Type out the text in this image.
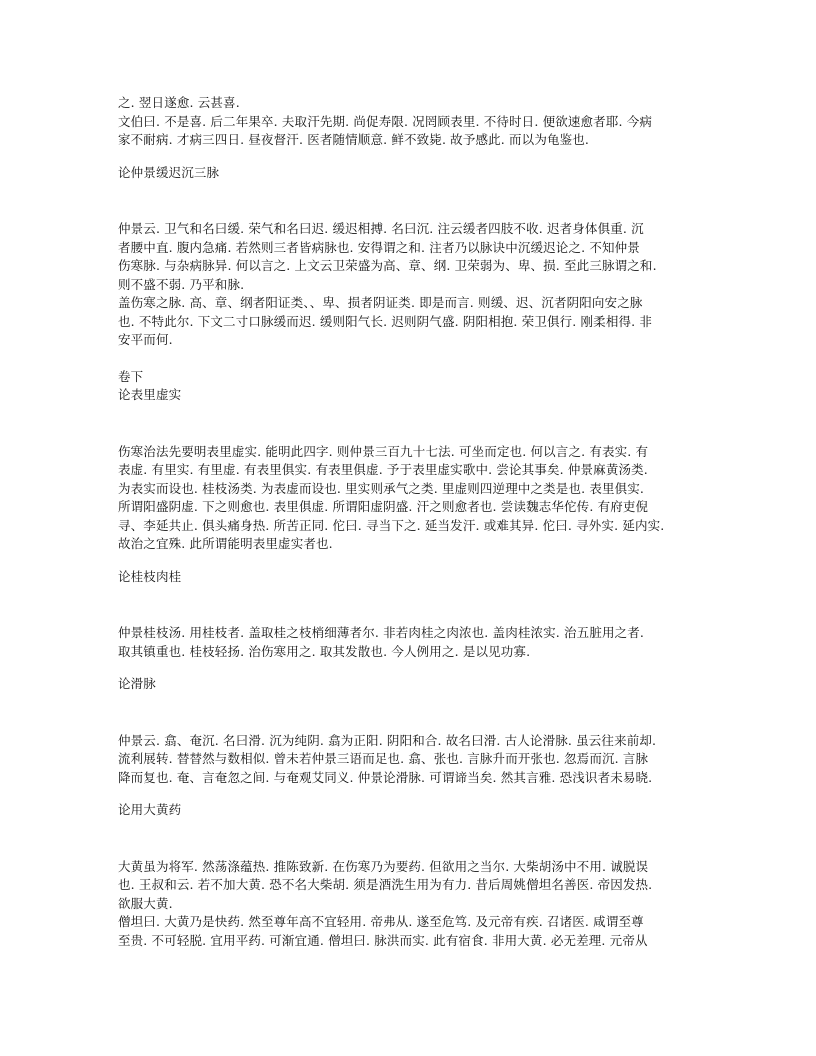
之. 翌日遂愈. 云甚喜.

文伯曰. 不是喜. 后二年果卒. 夫取汗先期. 尚促寿限. 况罔顾表里. 不待时日. 便欲速愈者耶. 今病

家不耐病. 才病三四日. 昼夜督汗. 医者随情顺意. 鲜不致毙. 故予感此. 而以为龟鉴也.

论仲景缓迟沉三脉

仲景云. 卫气和名曰缓. 荣气和名曰迟. 缓迟相搏. 名曰沉. 注云缓者四肢不收. 迟者身体俱重. 沉

者腰中直. 腹内急痛. 若然则三者皆病脉也. 安得谓之和. 注者乃以脉诀中沉缓迟论之. 不知仲景

伤寒脉. 与杂病脉异. 何以言之. 上文云卫荣盛为高、章、纲. 卫荣弱为、卑、损. 至此三脉谓之和.

则不盛不弱. 乃平和脉.

盖伤寒之脉. 高、章、纲者阳证类、、卑、损者阴证类. 即是而言. 则缓、迟、沉者阴阳向安之脉

也. 不特此尔. 下文二寸口脉缓而迟. 缓则阳气长. 迟则阴气盛. 阴阳相抱. 荣卫俱行. 刚柔相得. 非

安平而何.

卷下

论表里虚实

伤寒治法先要明表里虚实. 能明此四字. 则仲景三百九十七法. 可坐而定也. 何以言之. 有表实. 有

表虚. 有里实. 有里虚. 有表里俱实. 有表里俱虚. 予于表里虚实歌中. 尝论其事矣. 仲景麻黄汤类.

为表实而设也. 桂枝汤类. 为表虚而设也. 里实则承气之类. 里虚则四逆理中之类是也. 表里俱实.

所谓阳盛阴虚. 下之则愈也. 表里俱虚. 所谓阳虚阴盛. 汗之则愈者也. 尝读魏志华佗传. 有府吏倪

寻、李延共止. 俱头痛身热. 所苦正同. 佗曰. 寻当下之. 延当发汗. 或难其异. 佗曰. 寻外实. 延内实.

故治之宜殊. 此所谓能明表里虚实者也.

论桂枝肉桂

仲景桂枝汤. 用桂枝者. 盖取桂之枝梢细薄者尔. 非若肉桂之肉浓也. 盖肉桂浓实. 治五脏用之者.

取其镇重也. 桂枝轻扬. 治伤寒用之. 取其发散也. 今人例用之. 是以见功寡.

论滑脉

仲景云. 翕、奄沉. 名曰滑. 沉为纯阴. 翕为正阳. 阴阳和合. 故名曰滑. 古人论滑脉. 虽云往来前却.

流利展转. 替替然与数相似. 曾未若仲景三语而足也. 翕、张也. 言脉升而开张也. 忽焉而沉. 言脉

降而复也. 奄、言奄忽之间. 与奄观艾同义. 仲景论滑脉. 可谓谛当矣. 然其言雅. 恐浅识者未易晓.

论用大黄药

大黄虽为将军. 然荡涤蕴热. 推陈致新. 在伤寒乃为要药. 但欲用之当尔. 大柴胡汤中不用. 诚脱误

也. 王叔和云. 若不加大黄. 恐不名大柴胡. 须是酒洗生用为有力. 昔后周姚僧坦名善医. 帝因发热.

欲服大黄.

僧坦曰. 大黄乃是快药. 然至尊年高不宜轻用. 帝弗从. 遂至危笃. 及元帝有疾. 召诸医. 咸谓至尊

至贵. 不可轻脱. 宜用平药. 可渐宜通. 僧坦曰. 脉洪而实. 此有宿食. 非用大黄. 必无差理. 元帝从
